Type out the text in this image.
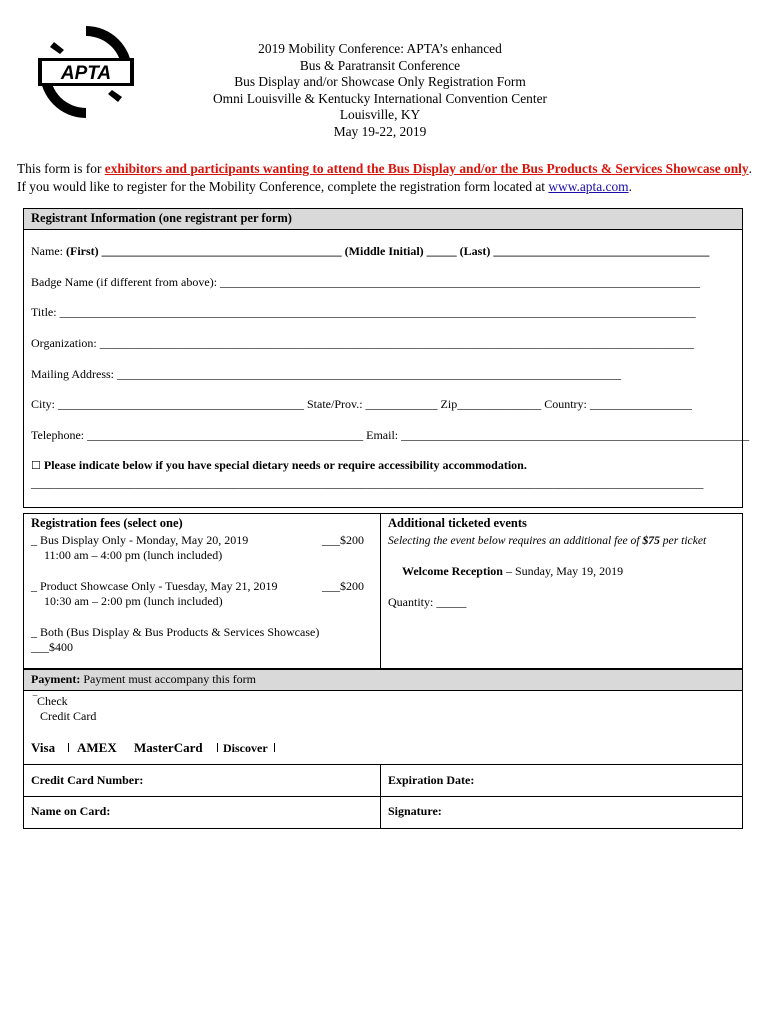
APTA
2019 Mobility Conference: APTA’s enhanced
Bus & Paratransit Conference
Bus Display and/or Showcase Only Registration Form
Omni Louisville & Kentucky International Convention Center
Louisville, KY
May 19-22, 2019
This form is for exhibitors and participants wanting to attend the Bus Display and/or the Bus Products & Services Showcase only. If you would like to register for the Mobility Conference, complete the registration form located at www.apta.com.
Registrant Information (one registrant per form)
Name: (First) ________________________________________ (Middle Initial) _____ (Last) ____________________________________
Badge Name (if different from above): ________________________________________________________________________________
Title: __________________________________________________________________________________________________________
Organization: ___________________________________________________________________________________________________
Mailing Address: ____________________________________________________________________________________
City: _________________________________________ State/Prov.: ____________ Zip______________ Country: _________________
Telephone: ______________________________________________ Email: __________________________________________________________
☐ Please indicate below if you have special dietary needs or require accessibility accommodation.
____________________________________________________________________________________________________________________
Registration fees (select one)
_ Bus Display Only - Monday, May 20, 2019
11:00 am – 4:00 pm (lunch included)
___$200
_ Product Showcase Only - Tuesday, May 21, 2019
10:30 am – 2:00 pm (lunch included)
___$200
_ Both (Bus Display & Bus Products & Services Showcase)
___$400
Additional ticketed events
Selecting the event below requires an additional fee of $75 per ticket
Welcome Reception – Sunday, May 19, 2019
Quantity: _____
Payment: Payment must accompany this form
‾Check
Credit Card
Visa AMEX MasterCard Discover
Credit Card Number:	Expiration Date:
Name on Card:	Signature:
